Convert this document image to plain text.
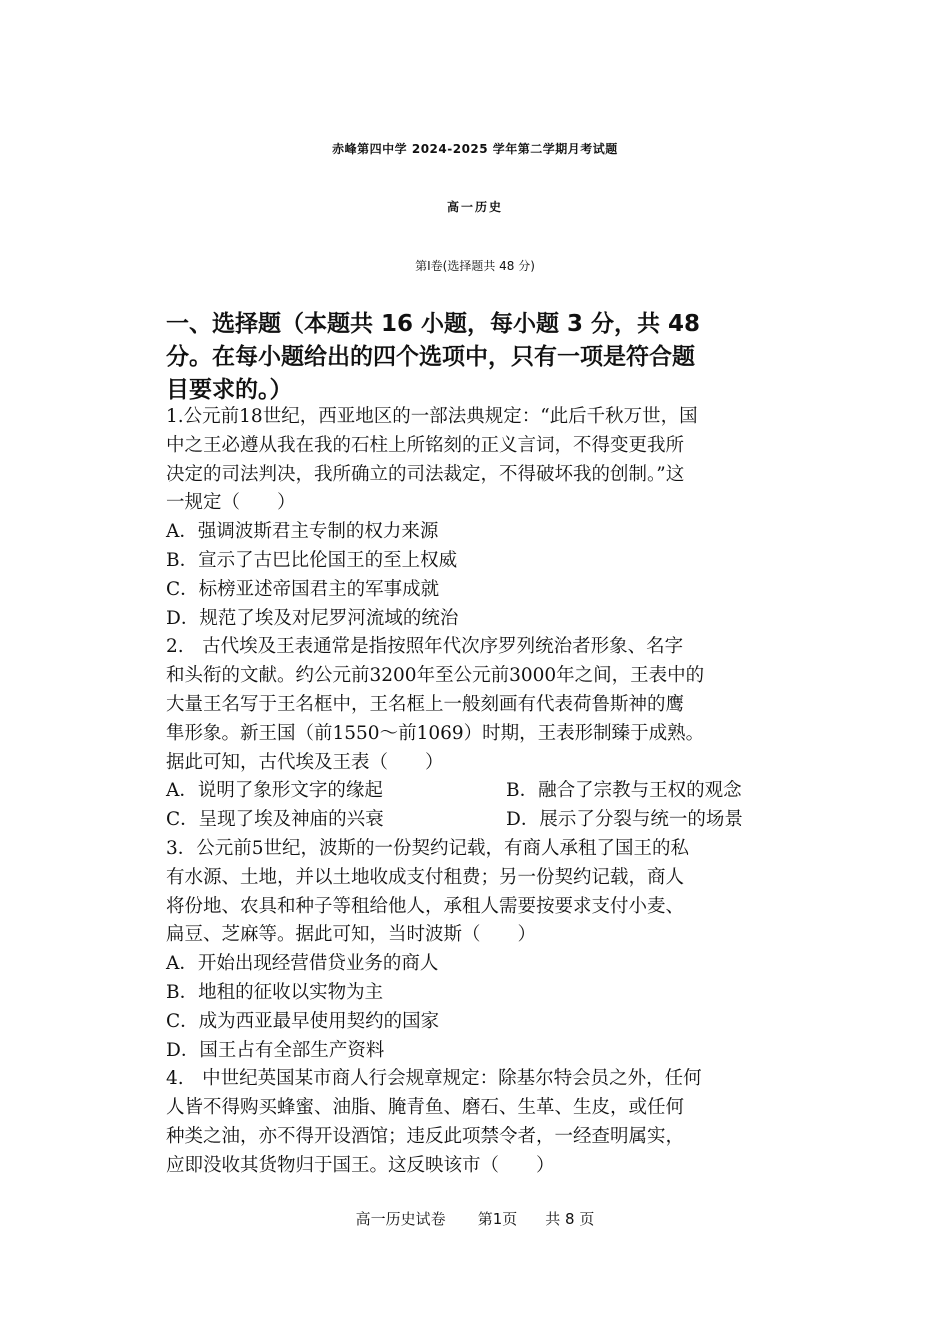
赤峰第四中学 2024-2025 学年第二学期月考试题
高一历史
第Ⅰ卷(选择题共 48 分)
一、选择题（本题共 16 小题，每小题 3 分，共 48
分。在每小题给出的四个选项中，只有一项是符合题
目要求的。）
1.公元前18世纪，西亚地区的一部法典规定：“此后千秋万世，国
中之王必遵从我在我的石柱上所铭刻的正义言词，不得变更我所
决定的司法判决，我所确立的司法裁定，不得破坏我的创制。”这
一规定（　　）
A．强调波斯君主专制的权力来源
B．宣示了古巴比伦国王的至上权威
C．标榜亚述帝国君主的军事成就
D．规范了埃及对尼罗河流域的统治
2.　古代埃及王表通常是指按照年代次序罗列统治者形象、名字
和头衔的文献。约公元前3200年至公元前3000年之间，王表中的
大量王名写于王名框中，王名框上一般刻画有代表荷鲁斯神的鹰
隼形象。新王国（前1550～前1069）时期，王表形制臻于成熟。
据此可知，古代埃及王表（　　）
A．说明了象形文字的缘起	B．融合了宗教与王权的观念
C．呈现了埃及神庙的兴衰	D．展示了分裂与统一的场景
3．公元前5世纪，波斯的一份契约记载，有商人承租了国王的私
有水源、土地，并以土地收成支付租费；另一份契约记载，商人
将份地、农具和种子等租给他人，承租人需要按要求支付小麦、
扁豆、芝麻等。据此可知，当时波斯（　　）
A．开始出现经营借贷业务的商人
B．地租的征收以实物为主
C．成为西亚最早使用契约的国家
D．国王占有全部生产资料
4.　中世纪英国某市商人行会规章规定：除基尔特会员之外，任何
人皆不得购买蜂蜜、油脂、腌青鱼、磨石、生革、生皮，或任何
种类之油，亦不得开设酒馆；违反此项禁令者，一经查明属实，
应即没收其货物归于国王。这反映该市（　　）
高一历史试卷 第1页 共 8 页
